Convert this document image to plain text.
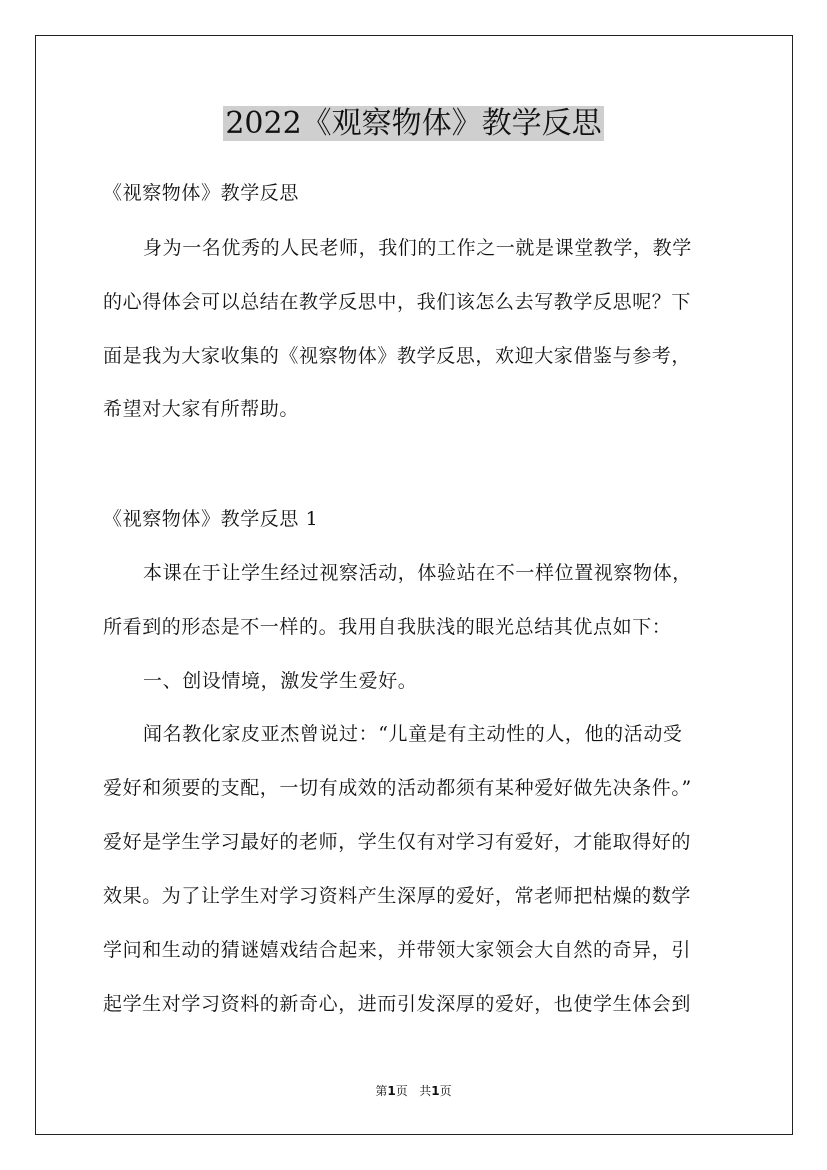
2022《观察物体》教学反思

《视察物体》教学反思

身为一名优秀的人民老师，我们的工作之一就是课堂教学，教学

的心得体会可以总结在教学反思中，我们该怎么去写教学反思呢？下

面是我为大家收集的《视察物体》教学反思，欢迎大家借鉴与参考，

希望对大家有所帮助。

《视察物体》教学反思 1

本课在于让学生经过视察活动，体验站在不一样位置视察物体，

所看到的形态是不一样的。我用自我肤浅的眼光总结其优点如下：

一、创设情境，激发学生爱好。

闻名教化家皮亚杰曾说过：“儿童是有主动性的人，他的活动受

爱好和须要的支配，一切有成效的活动都须有某种爱好做先决条件。”

爱好是学生学习最好的老师，学生仅有对学习有爱好，才能取得好的

效果。为了让学生对学习资料产生深厚的爱好，常老师把枯燥的数学

学问和生动的猜谜嬉戏结合起来，并带领大家领会大自然的奇异，引

起学生对学习资料的新奇心，进而引发深厚的爱好，也使学生体会到

第1页 共1页
